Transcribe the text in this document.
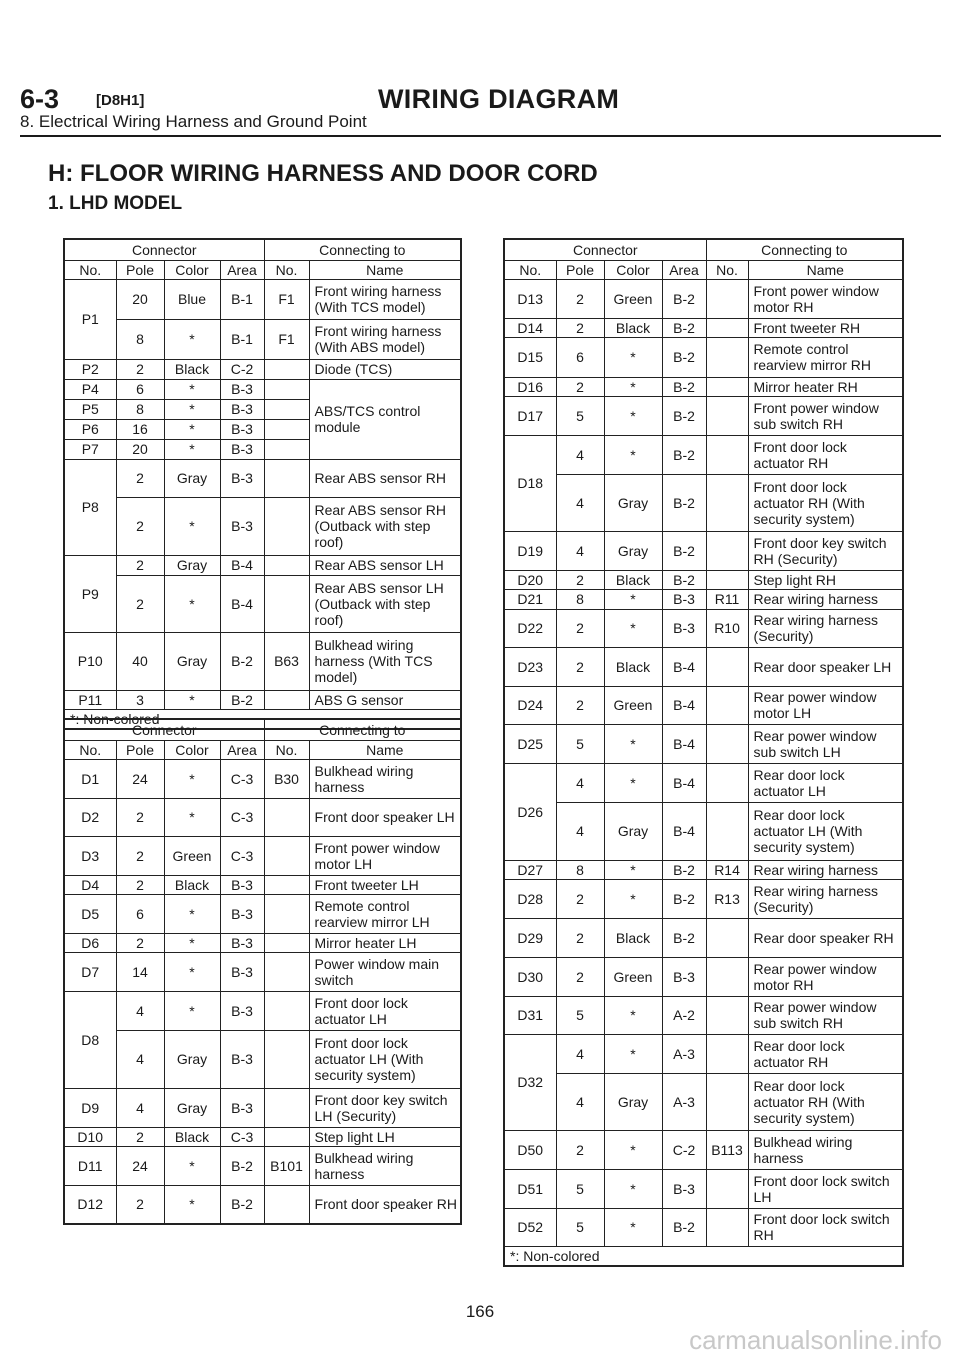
6-3 [D8H1]	WIRING DIAGRAM
8. Electrical Wiring Harness and Ground Point
H: FLOOR WIRING HARNESS AND DOOR CORD
1. LHD MODEL
Connector				Connecting to	
No.	Pole	Color	Area	No.	Name
P1	20	Blue	B-1	F1	Front wiring harness (With TCS model)
	8	*	B-1	F1	Front wiring harness (With ABS model)
P2	2	Black	C-2		Diode (TCS)
P4	6	*	B-3		ABS/TCS control module
P5	8	*	B-3		
P6	16	*	B-3		
P7	20	*	B-3		
P8	2	Gray	B-3		Rear ABS sensor RH
	2	*	B-3		Rear ABS sensor RH (Outback with step roof)
P9	2	Gray	B-4		Rear ABS sensor LH
	2	*	B-4		Rear ABS sensor LH (Outback with step roof)
P10	40	Gray	B-2	B63	Bulkhead wiring harness (With TCS model)
P11	3	*	B-2		ABS G sensor
*: Non-colored					
Connector				Connecting to	
No.	Pole	Color	Area	No.	Name
D1	24	*	C-3	B30	Bulkhead wiring harness
D2	2	*	C-3		Front door speaker LH
D3	2	Green	C-3		Front power window motor LH
D4	2	Black	B-3		Front tweeter LH
D5	6	*	B-3		Remote control rearview mirror LH
D6	2	*	B-3		Mirror heater LH
D7	14	*	B-3		Power window main switch
D8	4	*	B-3		Front door lock actuator LH
	4	Gray	B-3		Front door lock actuator LH (With security system)
D9	4	Gray	B-3		Front door key switch LH (Security)
D10	2	Black	C-3		Step light LH
D11	24	*	B-2	B101	Bulkhead wiring harness
D12	2	*	B-2		Front door speaker RH
Connector				Connecting to	
No.	Pole	Color	Area	No.	Name
D13	2	Green	B-2		Front power window motor RH
D14	2	Black	B-2		Front tweeter RH
D15	6	*	B-2		Remote control rearview mirror RH
D16	2	*	B-2		Mirror heater RH
D17	5	*	B-2		Front power window sub switch RH
D18	4	*	B-2		Front door lock actuator RH
	4	Gray	B-2		Front door lock actuator RH (With security system)
D19	4	Gray	B-2		Front door key switch RH (Security)
D20	2	Black	B-2		Step light RH
D21	8	*	B-3	R11	Rear wiring harness
D22	2	*	B-3	R10	Rear wiring harness (Security)
D23	2	Black	B-4		Rear door speaker LH
D24	2	Green	B-4		Rear power window motor LH
D25	5	*	B-4		Rear power window sub switch LH
D26	4	*	B-4		Rear door lock actuator LH
	4	Gray	B-4		Rear door lock actuator LH (With security system)
D27	8	*	B-2	R14	Rear wiring harness
D28	2	*	B-2	R13	Rear wiring harness (Security)
D29	2	Black	B-2		Rear door speaker RH
D30	2	Green	B-3		Rear power window motor RH
D31	5	*	A-2		Rear power window sub switch RH
D32	4	*	A-3		Rear door lock actuator RH
	4	Gray	A-3		Rear door lock actuator RH (With security system)
D50	2	*	C-2	B113	Bulkhead wiring harness
D51	5	*	B-3		Front door lock switch LH
D52	5	*	B-2		Front door lock switch RH
*: Non-colored					
166
carmanualsonline.info
